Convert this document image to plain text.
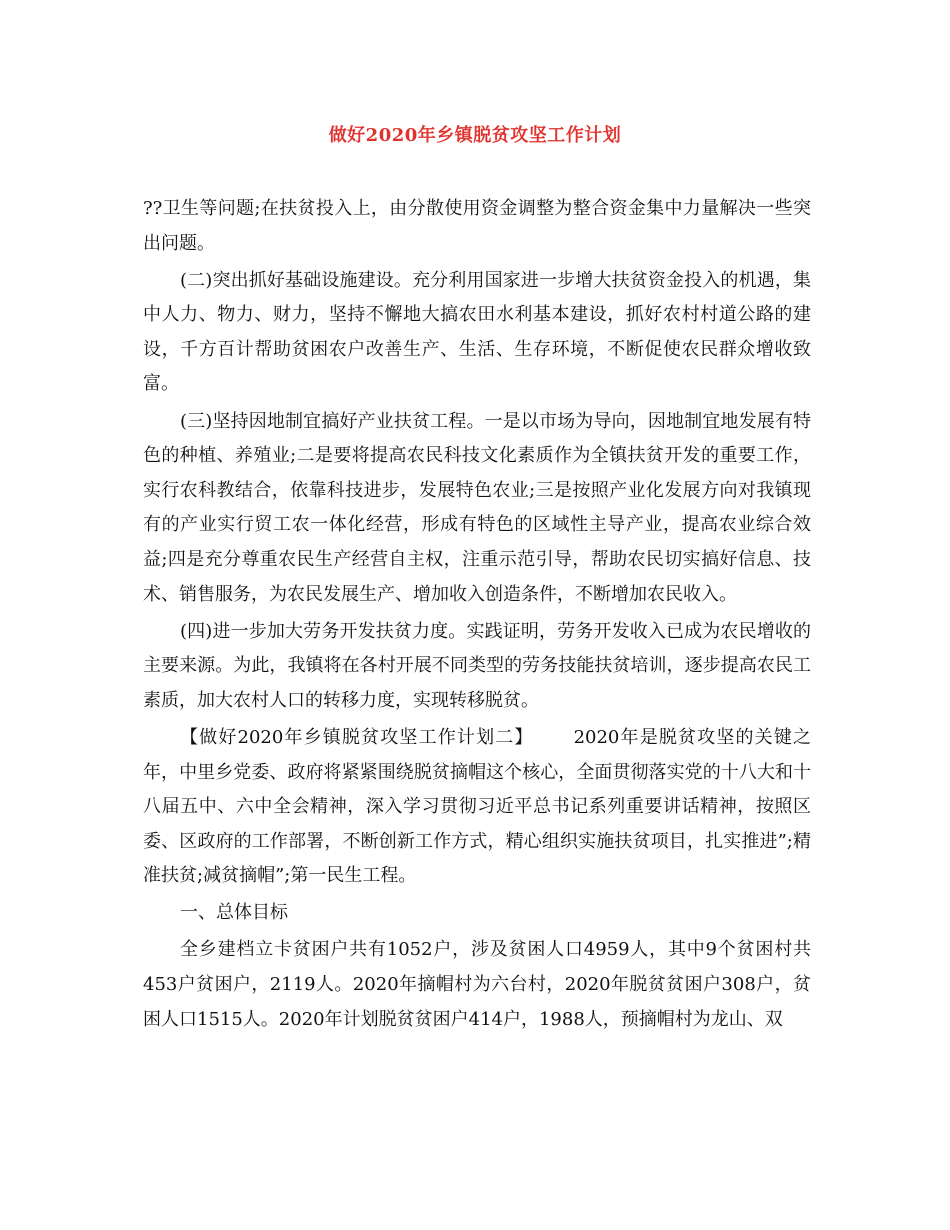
做好2020年乡镇脱贫攻坚工作计划

??卫生等问题;在扶贫投入上，由分散使用资金调整为整合资金集中力量解决一些突出问题。

(二)突出抓好基础设施建设。充分利用国家进一步增大扶贫资金投入的机遇，集中人力、物力、财力，坚持不懈地大搞农田水利基本建设，抓好农村村道公路的建设，千方百计帮助贫困农户改善生产、生活、生存环境，不断促使农民群众增收致富。

(三)坚持因地制宜搞好产业扶贫工程。一是以市场为导向，因地制宜地发展有特色的种植、养殖业;二是要将提高农民科技文化素质作为全镇扶贫开发的重要工作，实行农科教结合，依靠科技进步，发展特色农业;三是按照产业化发展方向对我镇现有的产业实行贸工农一体化经营，形成有特色的区域性主导产业，提高农业综合效益;四是充分尊重农民生产经营自主权，注重示范引导，帮助农民切实搞好信息、技术、销售服务，为农民发展生产、增加收入创造条件，不断增加农民收入。

(四)进一步加大劳务开发扶贫力度。实践证明，劳务开发收入已成为农民增收的主要来源。为此，我镇将在各村开展不同类型的劳务技能扶贫培训，逐步提高农民工素质，加大农村人口的转移力度，实现转移脱贫。

【做好2020年乡镇脱贫攻坚工作计划二】 2020年是脱贫攻坚的关键之年，中里乡党委、政府将紧紧围绕脱贫摘帽这个核心，全面贯彻落实党的十八大和十八届五中、六中全会精神，深入学习贯彻习近平总书记系列重要讲话精神，按照区委、区政府的工作部署，不断创新工作方式，精心组织实施扶贫项目，扎实推进”;精准扶贫;减贫摘帽”;第一民生工程。

一、总体目标

全乡建档立卡贫困户共有1052户，涉及贫困人口4959人，其中9个贫困村共453户贫困户，2119人。2020年摘帽村为六台村，2020年脱贫贫困户308户，贫困人口1515人。2020年计划脱贫贫困户414户，1988人，预摘帽村为龙山、双
